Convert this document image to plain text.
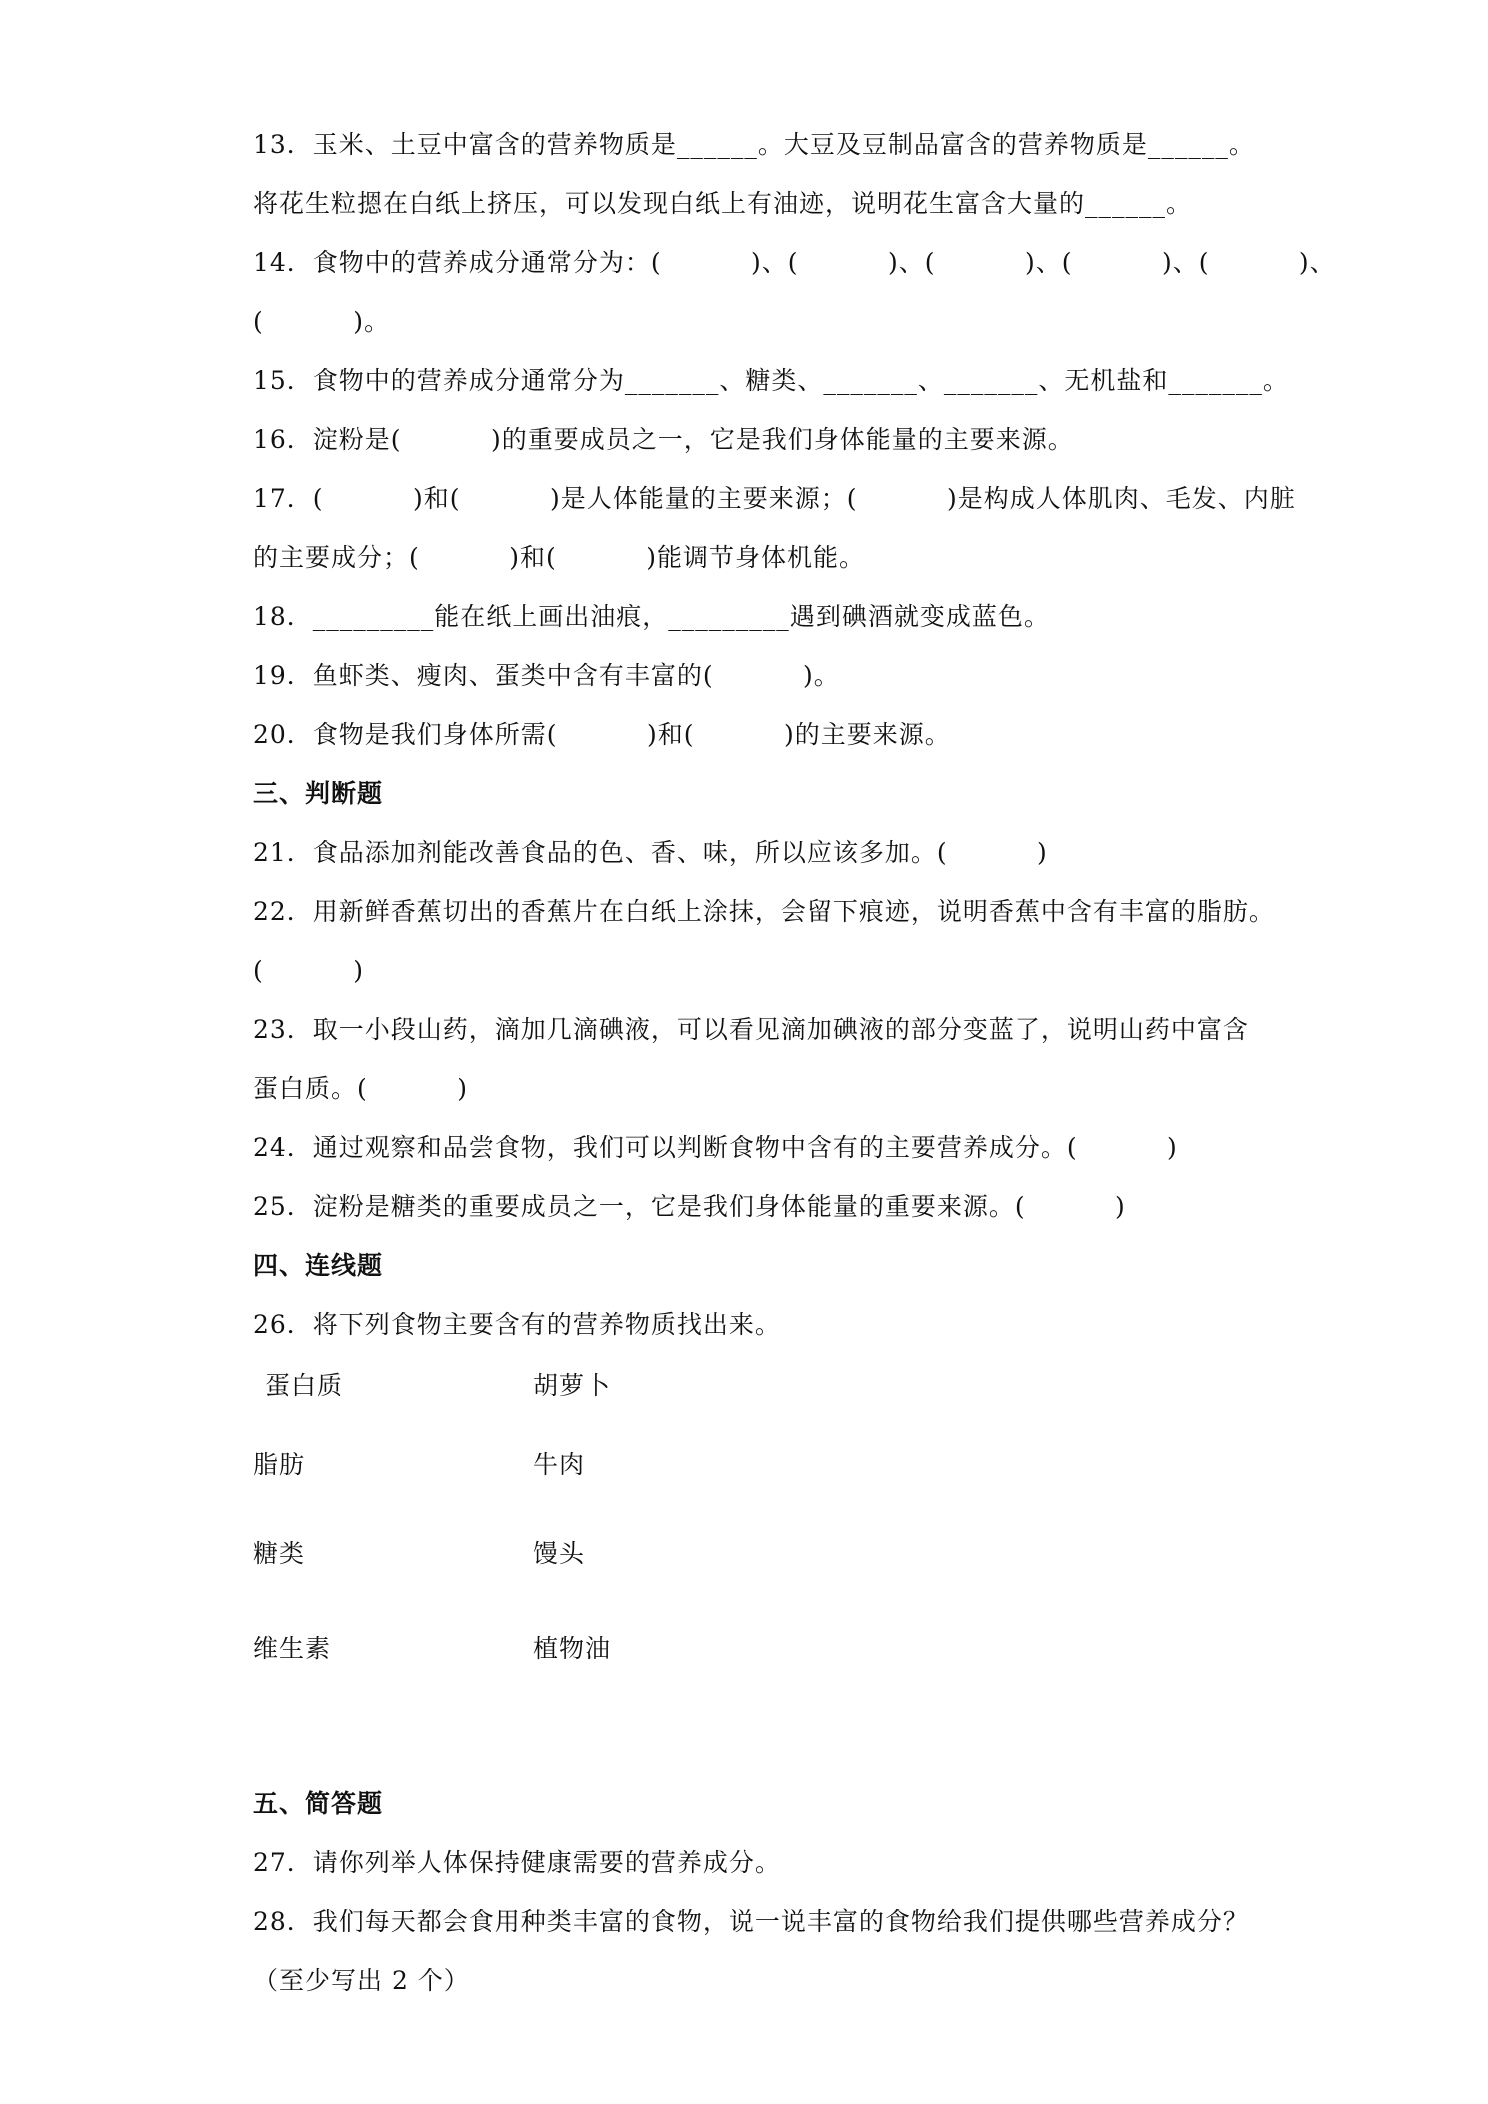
13．玉米、土豆中富含的营养物质是______。大豆及豆制品富含的营养物质是______。
将花生粒摁在白纸上挤压，可以发现白纸上有油迹，说明花生富含大量的______。
14．食物中的营养成分通常分为：(          )、(          )、(          )、(          )、(          )、
(          )。
15．食物中的营养成分通常分为_______、糖类、_______、_______、无机盐和_______。
16．淀粉是(          )的重要成员之一，它是我们身体能量的主要来源。
17．(          )和(          )是人体能量的主要来源；(          )是构成人体肌肉、毛发、内脏
的主要成分；(          )和(          )能调节身体机能。
18．_________能在纸上画出油痕，_________遇到碘酒就变成蓝色。
19．鱼虾类、瘦肉、蛋类中含有丰富的(          )。
20．食物是我们身体所需(          )和(          )的主要来源。
三、判断题
21．食品添加剂能改善食品的色、香、味，所以应该多加。(          )
22．用新鲜香蕉切出的香蕉片在白纸上涂抹，会留下痕迹，说明香蕉中含有丰富的脂肪。
(          )
23．取一小段山药，滴加几滴碘液，可以看见滴加碘液的部分变蓝了，说明山药中富含
蛋白质。(          )
24．通过观察和品尝食物，我们可以判断食物中含有的主要营养成分。(          )
25．淀粉是糖类的重要成员之一，它是我们身体能量的重要来源。(          )
四、连线题
26．将下列食物主要含有的营养物质找出来。
蛋白质	胡萝卜
脂肪	牛肉
糖类	馒头
维生素	植物油
五、简答题
27．请你列举人体保持健康需要的营养成分。
28．我们每天都会食用种类丰富的食物，说一说丰富的食物给我们提供哪些营养成分？
（至少写出 2 个）
